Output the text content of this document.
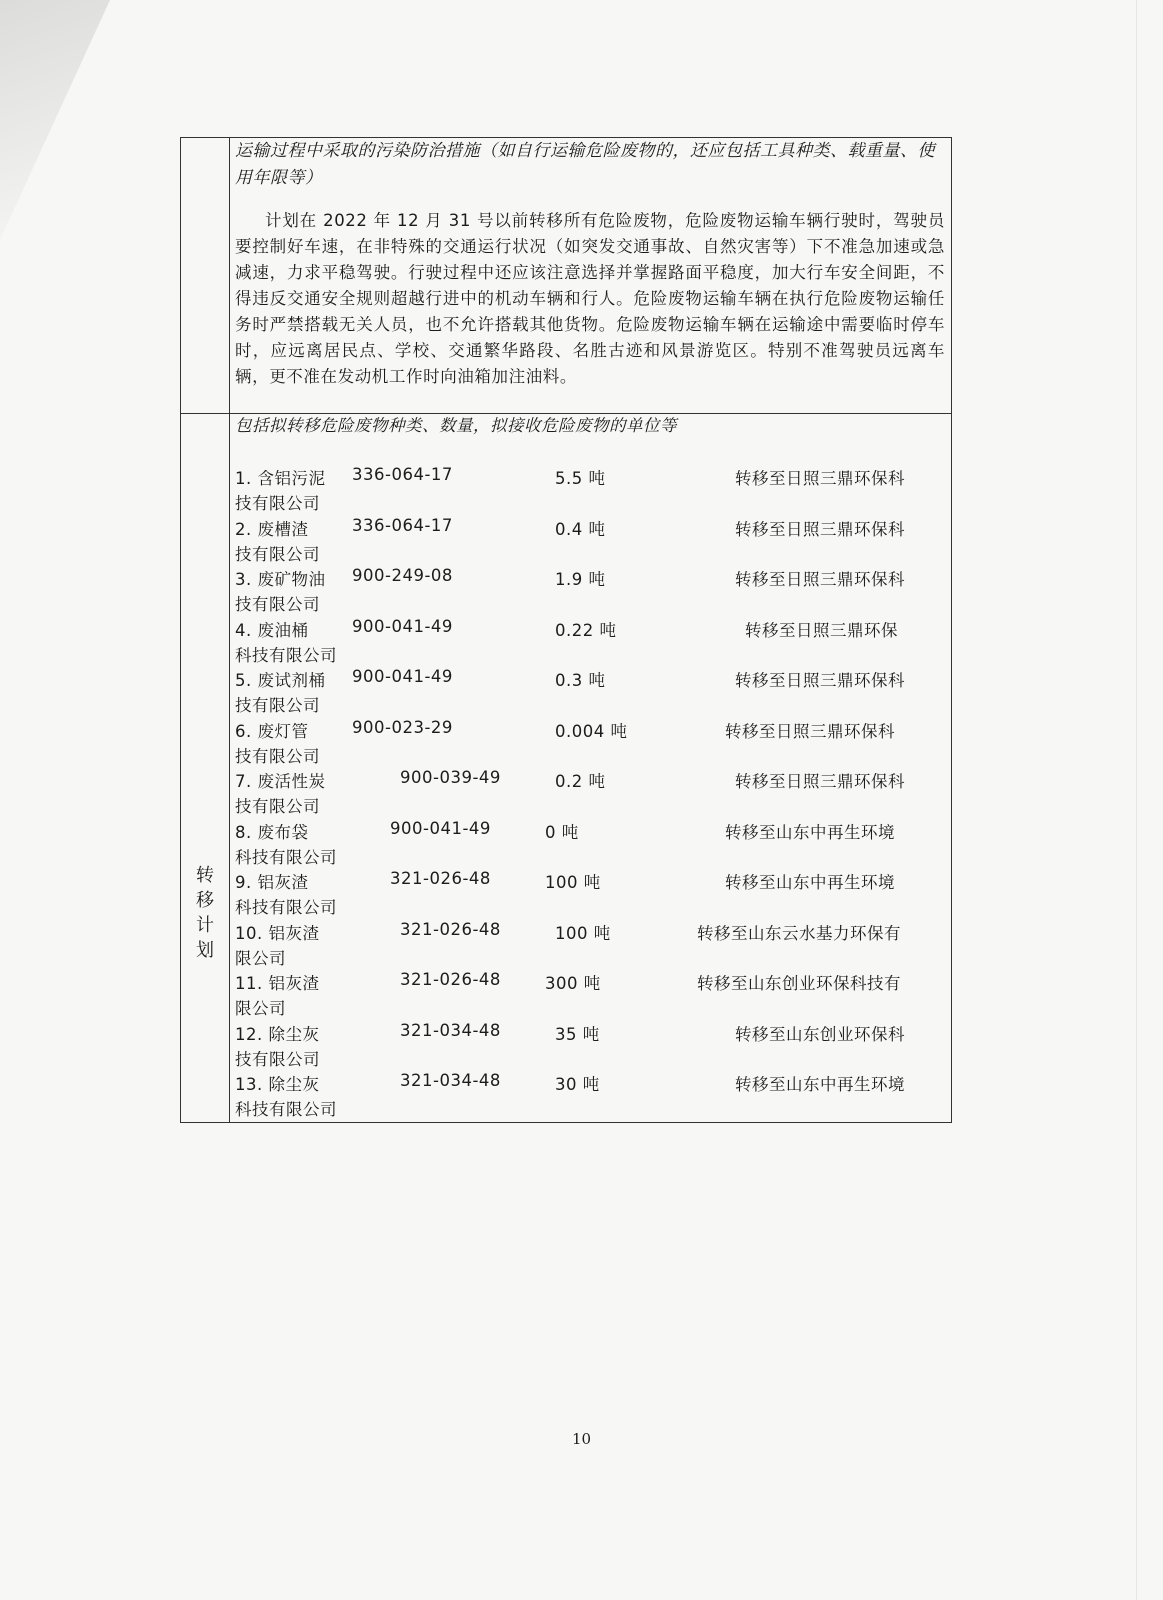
运输过程中采取的污染防治措施（如自行运输危险废物的，还应包括工具种类、载重量、使用年限等）
计划在 2022 年 12 月 31 号以前转移所有危险废物，危险废物运输车辆行驶时，驾驶员要控制好车速，在非特殊的交通运行状况（如突发交通事故、自然灾害等）下不准急加速或急减速，力求平稳驾驶。行驶过程中还应该注意选择并掌握路面平稳度，加大行车安全间距，不得违反交通安全规则超越行进中的机动车辆和行人。危险废物运输车辆在执行危险废物运输任务时严禁搭载无关人员，也不允许搭载其他货物。危险废物运输车辆在运输途中需要临时停车时，应远离居民点、学校、交通繁华路段、名胜古迹和风景游览区。特别不准驾驶员远离车辆，更不准在发动机工作时向油箱加注油料。
转移计划
包括拟转移危险废物种类、数量，拟接收危险废物的单位等
1. 含铝污泥 336-064-17	5.5 吨	转移至日照三鼎环保科
技有限公司
2. 废槽渣	336-064-17	0.4 吨	转移至日照三鼎环保科
技有限公司
3. 废矿物油 900-249-08	1.9 吨	转移至日照三鼎环保科
技有限公司
4. 废油桶	900-041-49	0.22 吨	转移至日照三鼎环保
科技有限公司
5. 废试剂桶 900-041-49	0.3 吨	转移至日照三鼎环保科
技有限公司
6. 废灯管	900-023-29	0.004 吨	转移至日照三鼎环保科
技有限公司
7. 废活性炭	900-039-49	0.2 吨	转移至日照三鼎环保科
技有限公司
8. 废布袋	900-041-49	0 吨	转移至山东中再生环境
科技有限公司
9. 铝灰渣	321-026-48	100 吨	转移至山东中再生环境
科技有限公司
10. 铝灰渣	321-026-48	100 吨	转移至山东云水基力环保有
限公司
11. 铝灰渣	321-026-48	300 吨	转移至山东创业环保科技有
限公司
12. 除尘灰	321-034-48	35 吨	转移至山东创业环保科
技有限公司
13. 除尘灰	321-034-48	30 吨	转移至山东中再生环境
科技有限公司
10
